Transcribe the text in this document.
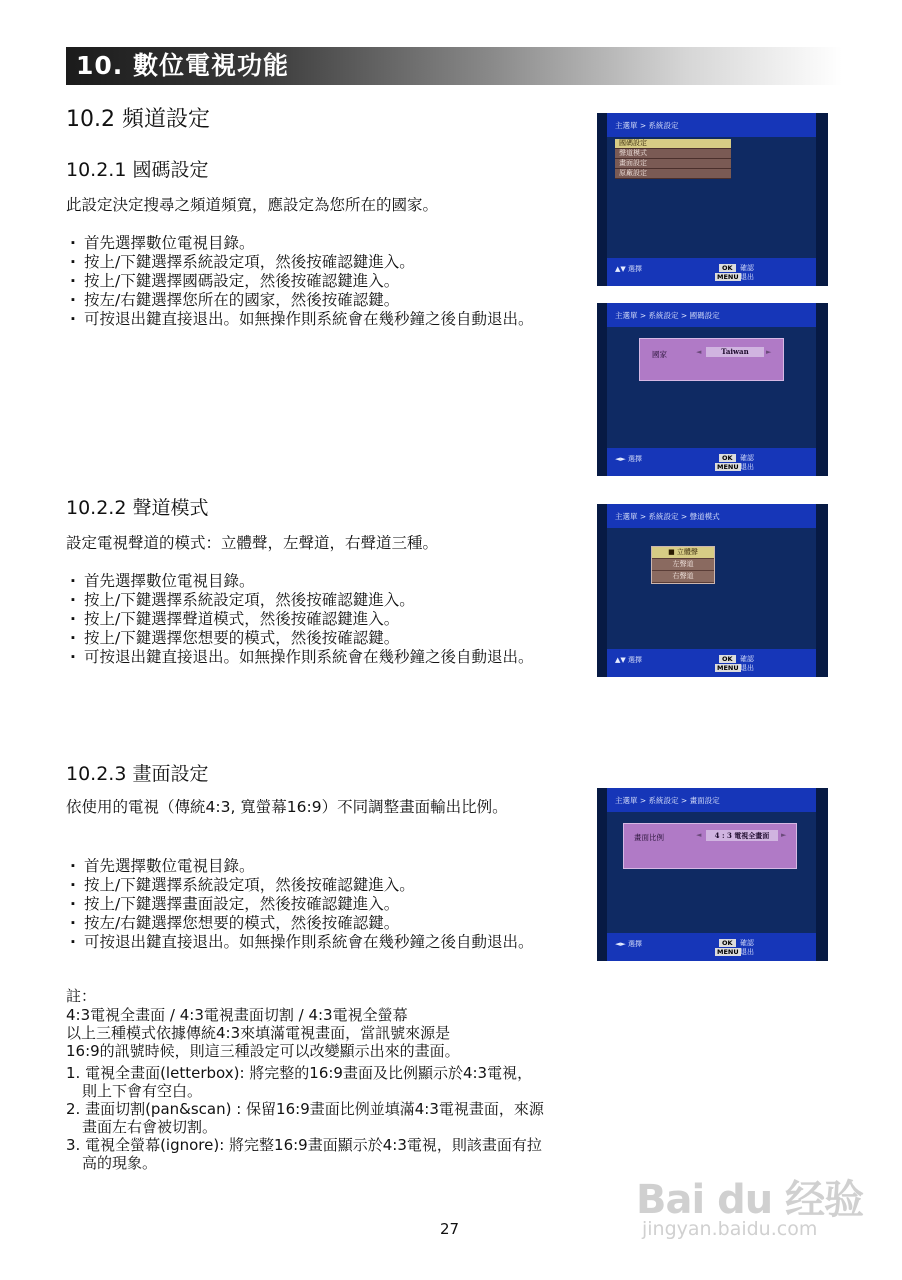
10. 數位電視功能
10.2 頻道設定
10.2.1 國碼設定
此設定決定搜尋之頻道頻寬，應設定為您所在的國家。
· 首先選擇數位電視目錄。
· 按上/下鍵選擇系統設定項，然後按確認鍵進入。
· 按上/下鍵選擇國碼設定，然後按確認鍵進入。
· 按左/右鍵選擇您所在的國家，然後按確認鍵。
· 可按退出鍵直接退出。如無操作則系統會在幾秒鐘之後自動退出。
10.2.2 聲道模式
設定電視聲道的模式：立體聲，左聲道，右聲道三種。
· 首先選擇數位電視目錄。
· 按上/下鍵選擇系統設定項，然後按確認鍵進入。
· 按上/下鍵選擇聲道模式，然後按確認鍵進入。
· 按上/下鍵選擇您想要的模式，然後按確認鍵。
· 可按退出鍵直接退出。如無操作則系統會在幾秒鐘之後自動退出。
10.2.3 畫面設定
依使用的電視（傳統4:3, 寬螢幕16:9）不同調整畫面輸出比例。
· 首先選擇數位電視目錄。
· 按上/下鍵選擇系統設定項，然後按確認鍵進入。
· 按上/下鍵選擇畫面設定，然後按確認鍵進入。
· 按左/右鍵選擇您想要的模式，然後按確認鍵。
· 可按退出鍵直接退出。如無操作則系統會在幾秒鐘之後自動退出。
註：
4:3電視全畫面 / 4:3電視畫面切割 / 4:3電視全螢幕
以上三種模式依據傳統4:3來填滿電視畫面，當訊號來源是
16:9的訊號時候，則這三種設定可以改變顯示出來的畫面。
1. 電視全畫面(letterbox): 將完整的16:9畫面及比例顯示於4:3電視，則上下會有空白。
2. 畫面切割(pan&scan) : 保留16:9畫面比例並填滿4:3電視畫面，來源畫面左右會被切割。
3. 電視全螢幕(ignore): 將完整16:9畫面顯示於4:3電視，則該畫面有拉高的現象。
27
主選單 > 系統設定
國碼設定
聲道模式
畫面設定
原廠設定
▲▼ 選擇	OK	確認
MENU 退出
主選單 > 系統設定 > 國碼設定
國家	◄	Taiwan	►
◄► 選擇	OK	確認
MENU 退出
主選單 > 系統設定 > 聲道模式
■ 立體聲
左聲道
右聲道
▲▼ 選擇	OK	確認
MENU 退出
主選單 > 系統設定 > 畫面設定
畫面比例	◄	4 : 3 電視全畫面	►
◄► 選擇	OK	確認
MENU 退出
Bai du 经验
jingyan.baidu.com
